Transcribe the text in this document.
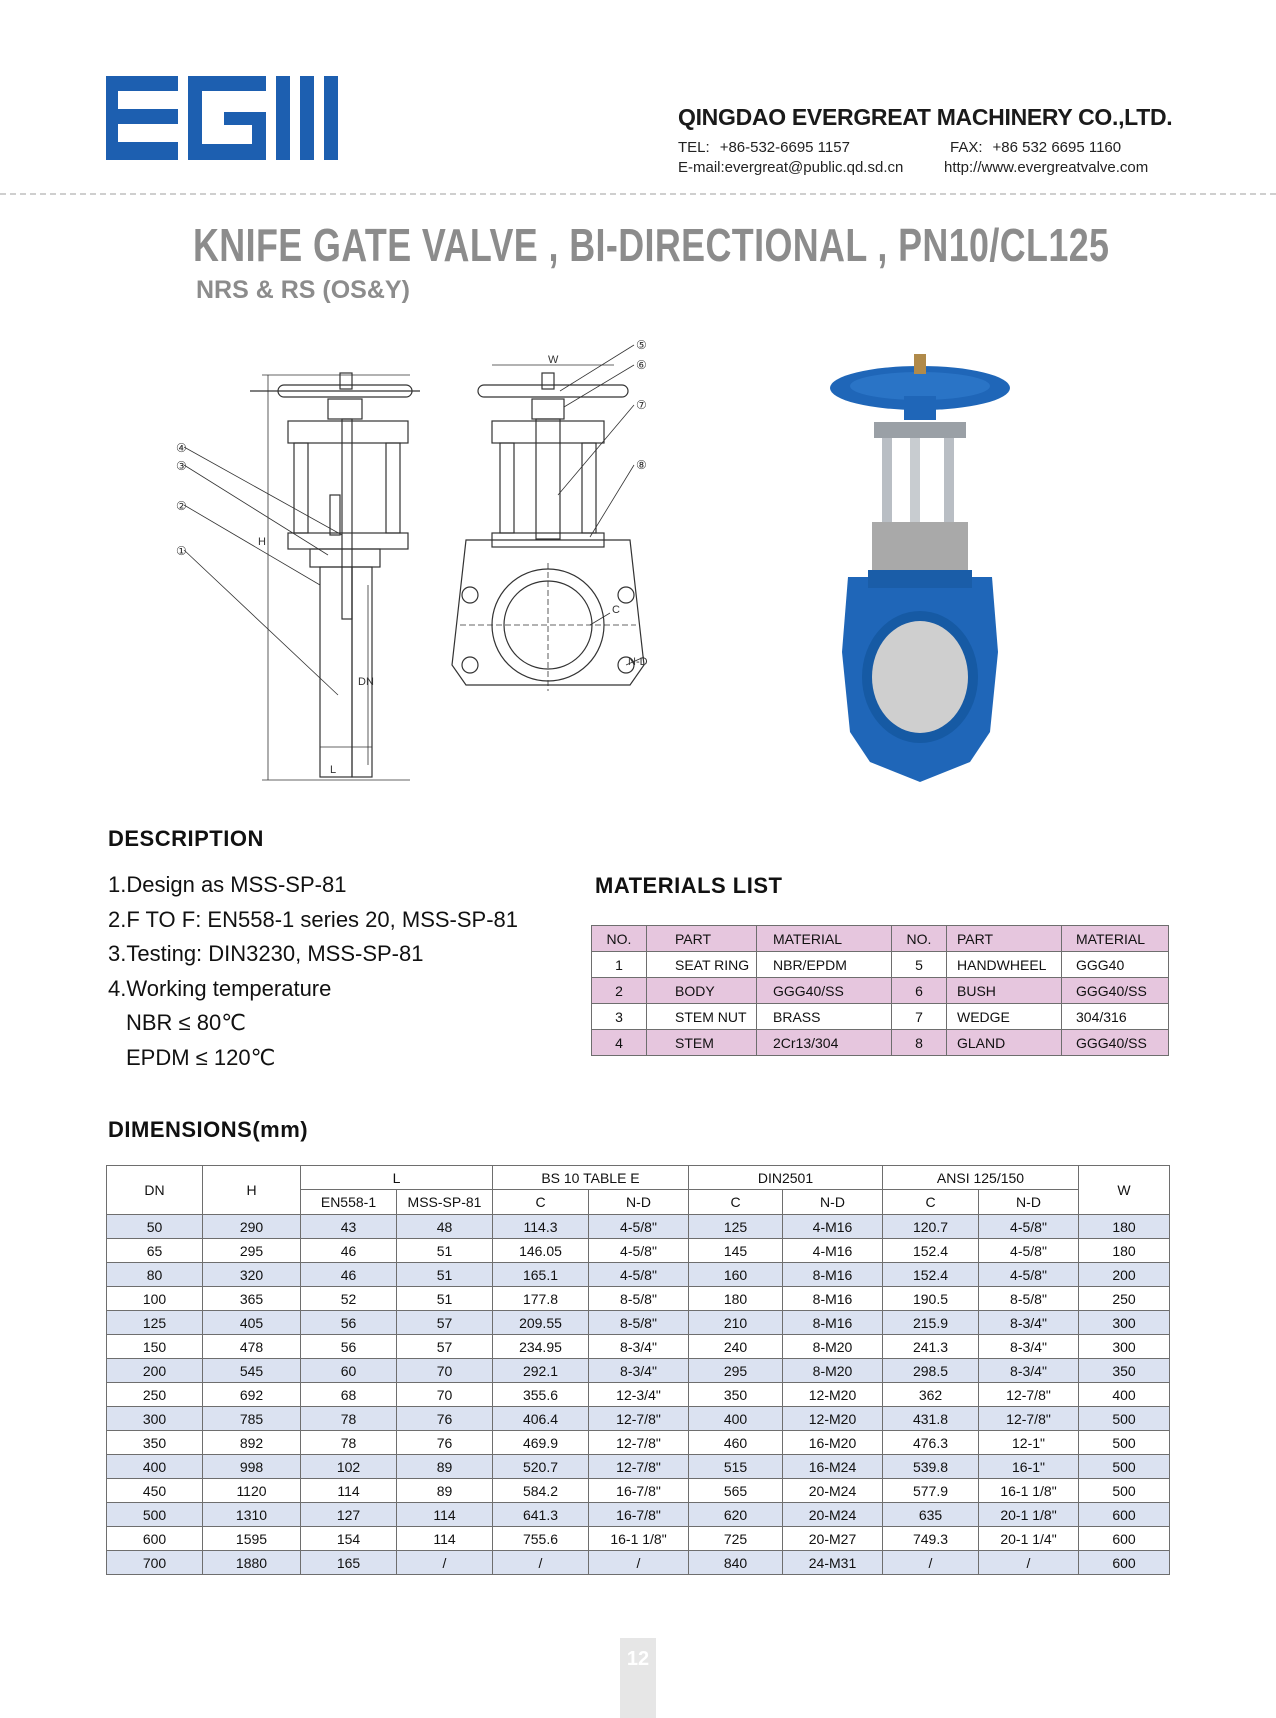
QINGDAO EVERGREAT MACHINERY CO.,LTD.
TEL: +86-532-6695 1157	FAX: +86 532 6695 1160
E-mail:evergreat@public.qd.sd.cn	http://www.evergreatvalve.com
KNIFE GATE VALVE , BI-DIRECTIONAL , PN10/CL125
NRS & RS (OS&Y)
④
③
②
①
H
DN
L
W
⑤
⑥
⑦
⑧
C
N-D
DESCRIPTION
1.Design as MSS-SP-81
2.F TO F: EN558-1 series 20, MSS-SP-81
3.Testing: DIN3230, MSS-SP-81
4.Working temperature
NBR ≤ 80℃
EPDM ≤ 120℃
MATERIALS LIST
NO.	PART	MATERIAL	NO.	PART	MATERIAL
1	SEAT RING	NBR/EPDM	5	HANDWHEEL	GGG40
2	BODY	GGG40/SS	6	BUSH	GGG40/SS
3	STEM NUT	BRASS	7	WEDGE	304/316
4	STEM	2Cr13/304	8	GLAND	GGG40/SS
DIMENSIONS(mm)
DN	H	L		BS 10 TABLE E		DIN2501		ANSI 125/150		W
		EN558-1	MSS-SP-81	C	N-D	C	N-D	C	N-D	
50	290	43	48	114.3	4-5/8"	125	4-M16	120.7	4-5/8"	180
65	295	46	51	146.05	4-5/8"	145	4-M16	152.4	4-5/8"	180
80	320	46	51	165.1	4-5/8"	160	8-M16	152.4	4-5/8"	200
100	365	52	51	177.8	8-5/8"	180	8-M16	190.5	8-5/8"	250
125	405	56	57	209.55	8-5/8"	210	8-M16	215.9	8-3/4"	300
150	478	56	57	234.95	8-3/4"	240	8-M20	241.3	8-3/4"	300
200	545	60	70	292.1	8-3/4"	295	8-M20	298.5	8-3/4"	350
250	692	68	70	355.6	12-3/4"	350	12-M20	362	12-7/8"	400
300	785	78	76	406.4	12-7/8"	400	12-M20	431.8	12-7/8"	500
350	892	78	76	469.9	12-7/8"	460	16-M20	476.3	12-1"	500
400	998	102	89	520.7	12-7/8"	515	16-M24	539.8	16-1"	500
450	1120	114	89	584.2	16-7/8"	565	20-M24	577.9	16-1 1/8"	500
500	1310	127	114	641.3	16-7/8"	620	20-M24	635	20-1 1/8"	600
600	1595	154	114	755.6	16-1 1/8"	725	20-M27	749.3	20-1 1/4"	600
700	1880	165	/	/	/	840	24-M31	/	/	600
12
